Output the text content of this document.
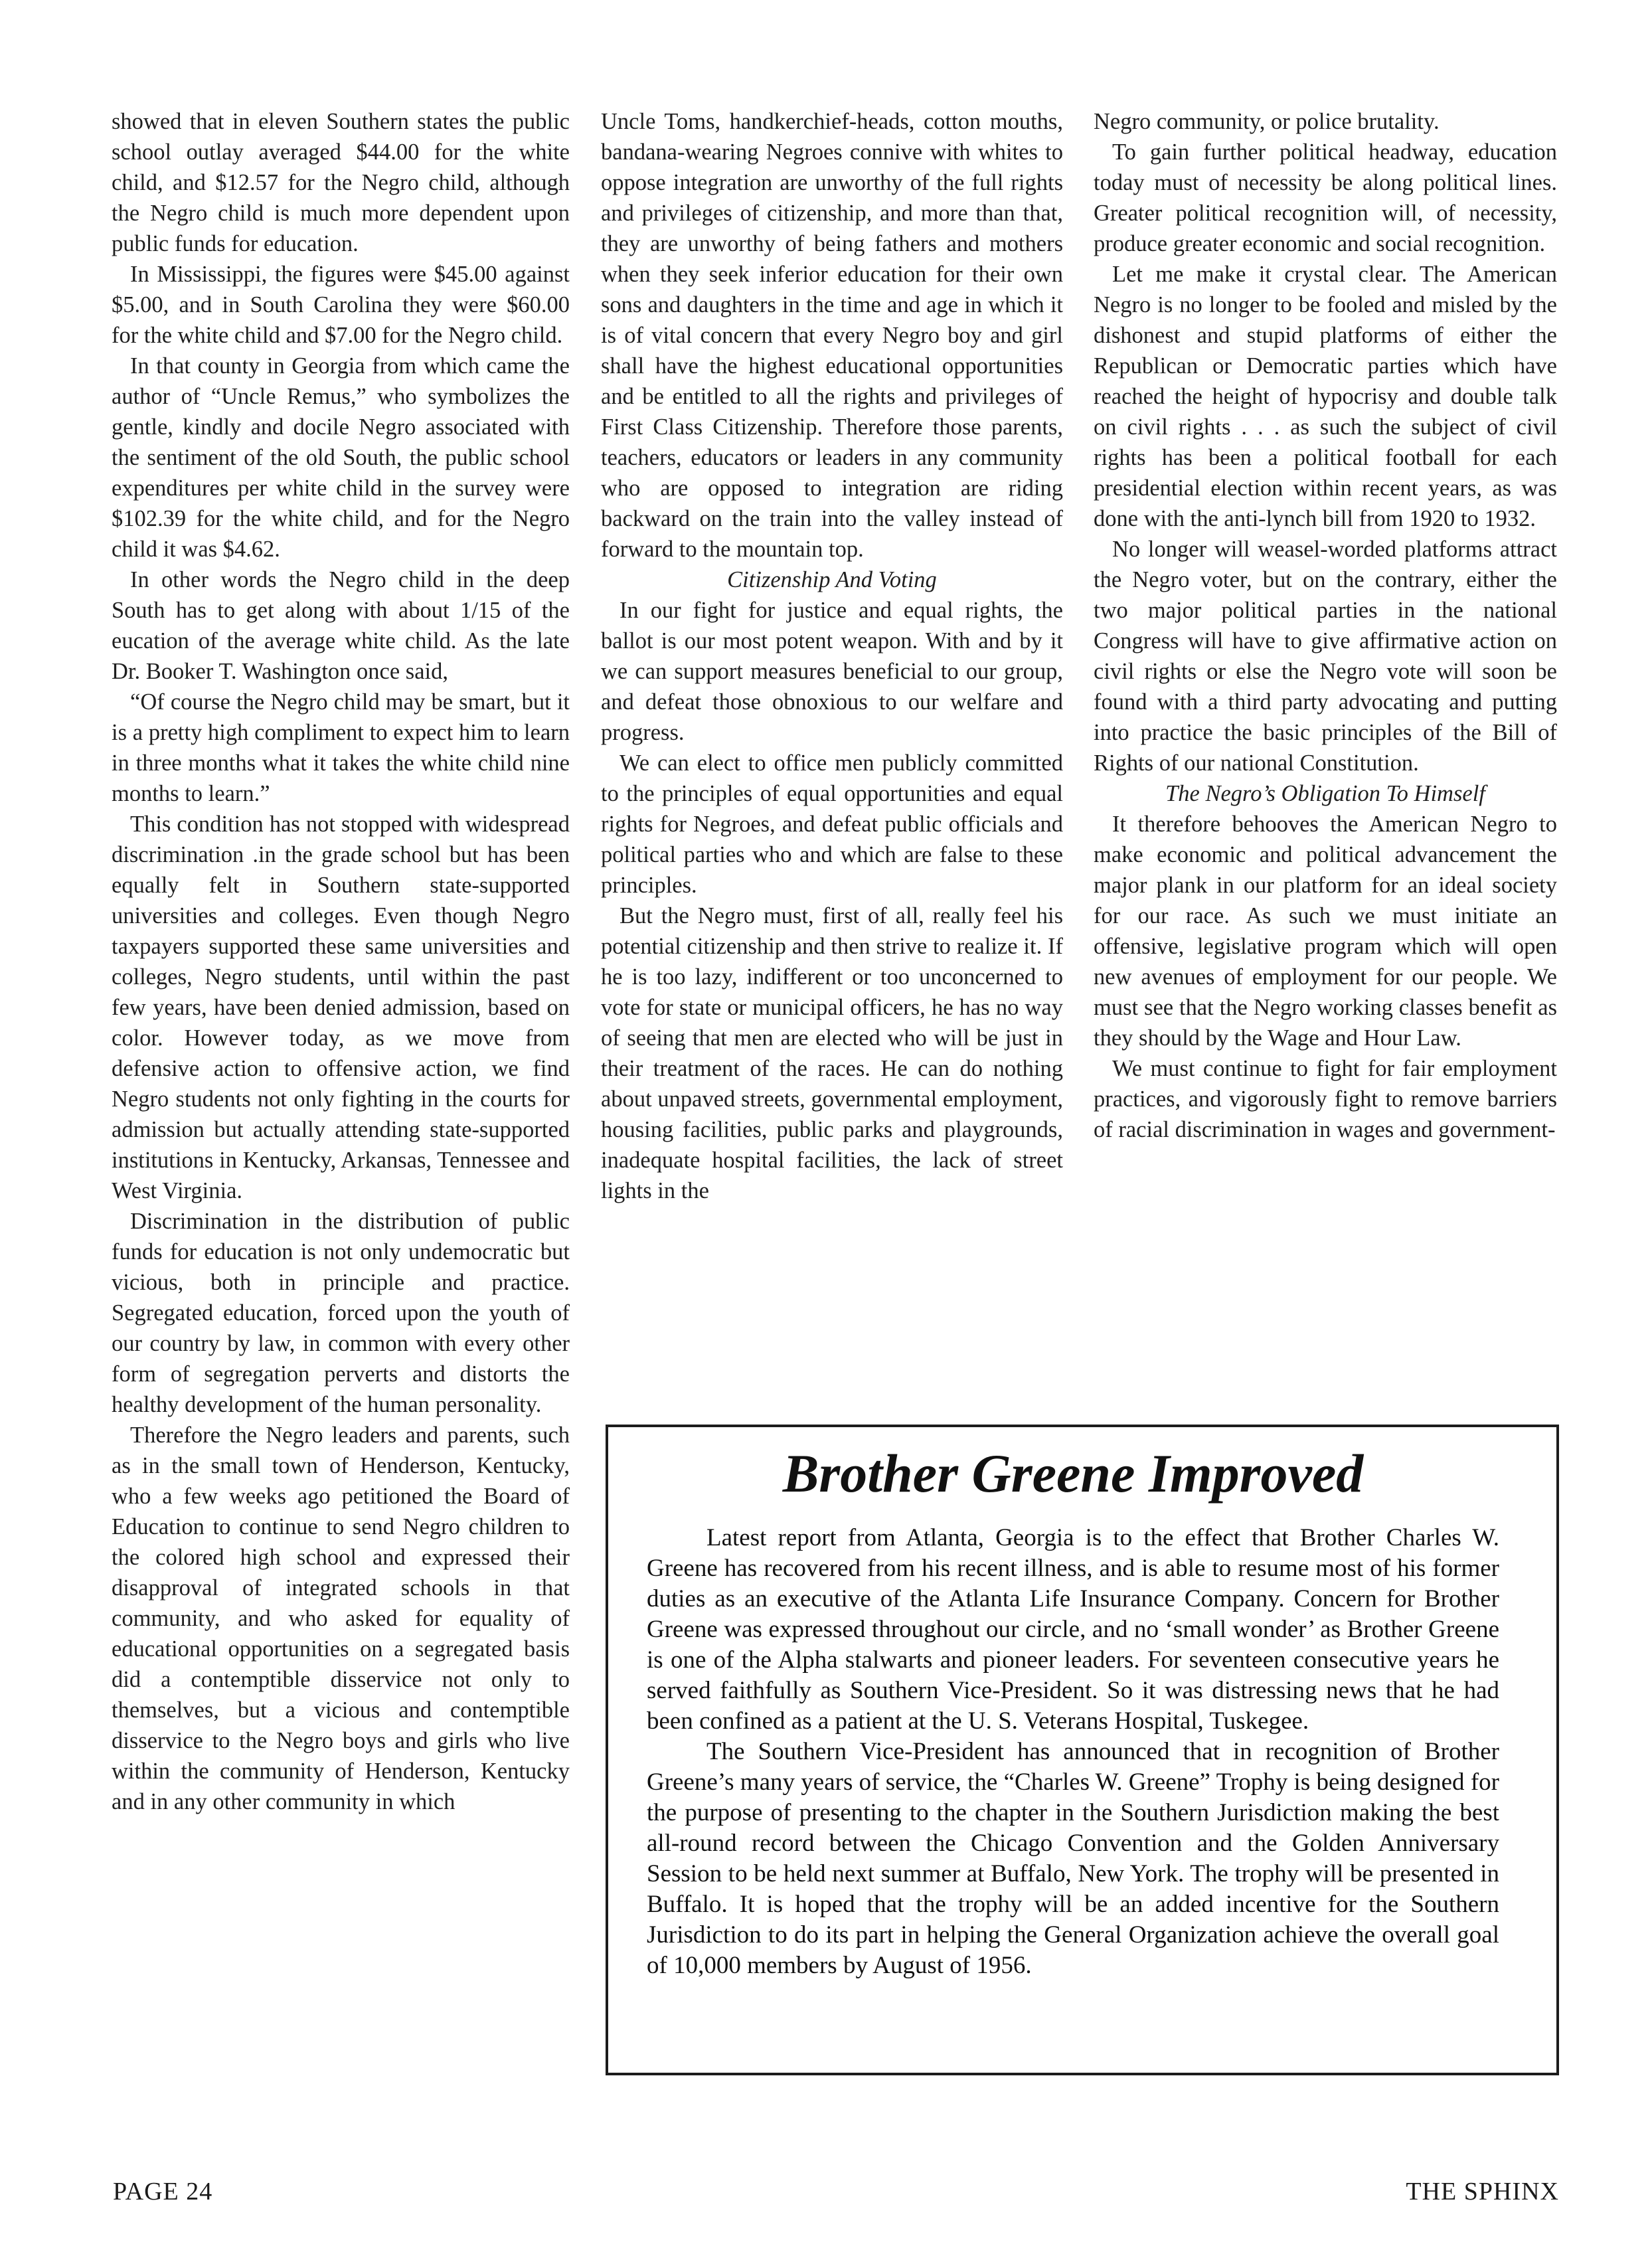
showed that in eleven Southern states the public school outlay averaged $44.00 for the white child, and $12.57 for the Negro child, although the Negro child is much more dependent upon public funds for education.

In Mississippi, the figures were $45.00 against $5.00, and in South Carolina they were $60.00 for the white child and $7.00 for the Negro child.

In that county in Georgia from which came the author of “Uncle Remus,” who symbolizes the gentle, kindly and docile Negro associated with the sentiment of the old South, the public school expenditures per white child in the survey were $102.39 for the white child, and for the Negro child it was $4.62.

In other words the Negro child in the deep South has to get along with about 1/15 of the eucation of the average white child. As the late Dr. Booker T. Washington once said,

“Of course the Negro child may be smart, but it is a pretty high compliment to expect him to learn in three months what it takes the white child nine months to learn.”

This condition has not stopped with widespread discrimination .in the grade school but has been equally felt in Southern state-supported universities and colleges. Even though Negro taxpayers supported these same universities and colleges, Negro students, until within the past few years, have been denied admission, based on color. However today, as we move from defensive action to offensive action, we find Negro students not only fighting in the courts for admission but actually attending state-supported institutions in Kentucky, Arkansas, Tennessee and West Virginia.

Discrimination in the distribution of public funds for education is not only undemocratic but vicious, both in principle and practice. Segregated education, forced upon the youth of our country by law, in common with every other form of segregation perverts and distorts the healthy development of the human personality.

Therefore the Negro leaders and parents, such as in the small town of Henderson, Kentucky, who a few weeks ago petitioned the Board of Education to continue to send Negro children to the colored high school and expressed their disapproval of integrated schools in that community, and who asked for equality of educational opportunities on a segregated basis did a contemptible disservice not only to themselves, but a vicious and contemptible disservice to the Negro boys and girls who live within the community of Henderson, Kentucky and in any other community in which

Uncle Toms, handkerchief-heads, cotton mouths, bandana-wearing Negroes connive with whites to oppose integration are unworthy of the full rights and privileges of citizenship, and more than that, they are unworthy of being fathers and mothers when they seek inferior education for their own sons and daughters in the time and age in which it is of vital concern that every Negro boy and girl shall have the highest educational opportunities and be entitled to all the rights and privileges of First Class Citizenship. Therefore those parents, teachers, educators or leaders in any community who are opposed to integration are riding backward on the train into the valley instead of forward to the mountain top.

Citizenship And Voting

In our fight for justice and equal rights, the ballot is our most potent weapon. With and by it we can support measures beneficial to our group, and defeat those obnoxious to our welfare and progress.

We can elect to office men publicly committed to the principles of equal opportunities and equal rights for Negroes, and defeat public officials and political parties who and which are false to these principles.

But the Negro must, first of all, really feel his potential citizenship and then strive to realize it. If he is too lazy, indifferent or too unconcerned to vote for state or municipal officers, he has no way of seeing that men are elected who will be just in their treatment of the races. He can do nothing about unpaved streets, governmental employment, housing facilities, public parks and playgrounds, inadequate hospital facilities, the lack of street lights in the

Negro community, or police brutality.

To gain further political headway, education today must of necessity be along political lines. Greater political recognition will, of necessity, produce greater economic and social recognition.

Let me make it crystal clear. The American Negro is no longer to be fooled and misled by the dishonest and stupid platforms of either the Republican or Democratic parties which have reached the height of hypocrisy and double talk on civil rights . . . as such the subject of civil rights has been a political football for each presidential election within recent years, as was done with the anti-lynch bill from 1920 to 1932.

No longer will weasel-worded platforms attract the Negro voter, but on the contrary, either the two major political parties in the national Congress will have to give affirmative action on civil rights or else the Negro vote will soon be found with a third party advocating and putting into practice the basic principles of the Bill of Rights of our national Constitution.

The Negro’s Obligation To Himself

It therefore behooves the American Negro to make economic and political advancement the major plank in our platform for an ideal society for our race. As such we must initiate an offensive, legislative program which will open new avenues of employment for our people. We must see that the Negro working classes benefit as they should by the Wage and Hour Law.

We must continue to fight for fair employment practices, and vigorously fight to remove barriers of racial discrimination in wages and government-

Brother Greene Improved

Latest report from Atlanta, Georgia is to the effect that Brother Charles W. Greene has recovered from his recent illness, and is able to resume most of his former duties as an executive of the Atlanta Life Insurance Company. Concern for Brother Greene was expressed throughout our circle, and no ‘small wonder’ as Brother Greene is one of the Alpha stalwarts and pioneer leaders. For seventeen consecutive years he served faithfully as Southern Vice-President. So it was distressing news that he had been confined as a patient at the U. S. Veterans Hospital, Tuskegee.

The Southern Vice-President has announced that in recognition of Brother Greene’s many years of service, the “Charles W. Greene” Trophy is being designed for the purpose of presenting to the chapter in the Southern Jurisdiction making the best all-round record between the Chicago Convention and the Golden Anniversary Session to be held next summer at Buffalo, New York. The trophy will be presented in Buffalo. It is hoped that the trophy will be an added incentive for the Southern Jurisdiction to do its part in helping the General Organization achieve the overall goal of 10,000 members by August of 1956.

PAGE 24	THE SPHINX
